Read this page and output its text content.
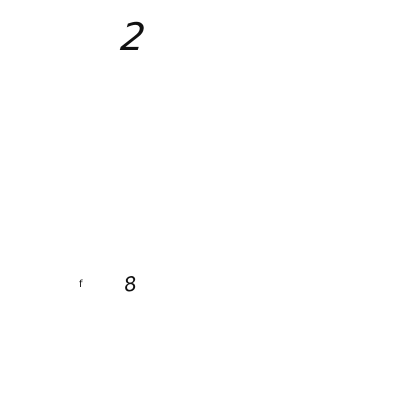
2
f 8
